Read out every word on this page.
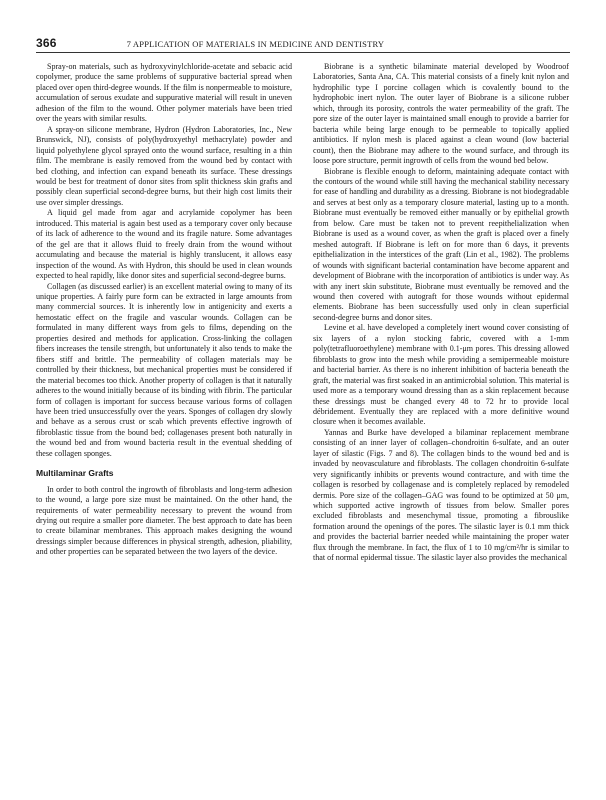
366	7 APPLICATION OF MATERIALS IN MEDICINE AND DENTISTRY

Spray-on materials, such as hydroxyvinylchloride-acetate and sebacic acid copolymer, produce the same problems of suppurative bacterial spread when placed over open third-degree wounds. If the film is nonpermeable to moisture, accumulation of serous exudate and suppurative material will result in uneven adhesion of the film to the wound. Other polymer materials have been tried over the years with similar results.

A spray-on silicone membrane, Hydron (Hydron Laboratories, Inc., New Brunswick, NJ), consists of poly(hydroxyethyl methacrylate) powder and liquid polyethylene glycol sprayed onto the wound surface, resulting in a thin film. The membrane is easily removed from the wound bed by contact with bed clothing, and infection can expand beneath its surface. These dressings would be best for treatment of donor sites from split thickness skin grafts and possibly clean superficial second-degree burns, but their high cost limits their use over simpler dressings.

A liquid gel made from agar and acrylamide copolymer has been introduced. This material is again best used as a temporary cover only because of its lack of adherence to the wound and its fragile nature. Some advantages of the gel are that it allows fluid to freely drain from the wound without accumulating and because the material is highly translucent, it allows easy inspection of the wound. As with Hydron, this should be used in clean wounds expected to heal rapidly, like donor sites and superficial second-degree burns.

Collagen (as discussed earlier) is an excellent material owing to many of its unique properties. A fairly pure form can be extracted in large amounts from many commercial sources. It is inherently low in antigenicity and exerts a hemostatic effect on the fragile and vascular wounds. Collagen can be formulated in many different ways from gels to films, depending on the properties desired and methods for application. Cross-linking the collagen fibers increases the tensile strength, but unfortunately it also tends to make the fibers stiff and brittle. The permeability of collagen materials may be controlled by their thickness, but mechanical properties must be considered if the material becomes too thick. Another property of collagen is that it naturally adheres to the wound initially because of its binding with fibrin. The particular form of collagen is important for success because various forms of collagen have been tried unsuccessfully over the years. Sponges of collagen dry slowly and behave as a serous crust or scab which prevents effective ingrowth of fibroblastic tissue from the bound bed; collagenases present both naturally in the wound bed and from wound bacteria result in the eventual shedding of these collagen sponges.

Multilaminar Grafts

In order to both control the ingrowth of fibroblasts and long-term adhesion to the wound, a large pore size must be maintained. On the other hand, the requirements of water permeability necessary to prevent the wound from drying out require a smaller pore diameter. The best approach to date has been to create bilaminar membranes. This approach makes designing the wound dressings simpler because differences in physical strength, adhesion, pliability, and other properties can be separated between the two layers of the device.

Biobrane is a synthetic bilaminate material developed by Woodroof Laboratories, Santa Ana, CA. This material consists of a finely knit nylon and hydrophilic type I porcine collagen which is covalently bound to the hydrophobic inert nylon. The outer layer of Biobrane is a silicone rubber which, through its porosity, controls the water permeability of the graft. The pore size of the outer layer is maintained small enough to provide a barrier for bacteria while being large enough to be permeable to topically applied antibiotics. If nylon mesh is placed against a clean wound (low bacterial count), then the Biobrane may adhere to the wound surface, and through its loose pore structure, permit ingrowth of cells from the wound bed below.

Biobrane is flexible enough to deform, maintaining adequate contact with the contours of the wound while still having the mechanical stability necessary for ease of handling and durability as a dressing. Biobrane is not biodegradable and serves at best only as a temporary closure material, lasting up to a month. Biobrane must eventually be removed either manually or by epithelial growth from below. Care must be taken not to prevent reepithelialization when Biobrane is used as a wound cover, as when the graft is placed over a finely meshed autograft. If Biobrane is left on for more than 6 days, it prevents epithelialization in the interstices of the graft (Lin et al., 1982). The problems of wounds with significant bacterial contamination have become apparent and development of Biobrane with the incorporation of antibiotics is under way. As with any inert skin substitute, Biobrane must eventually be removed and the wound then covered with autograft for those wounds without epidermal elements. Biobrane has been successfully used only in clean superficial second-degree burns and donor sites.

Levine et al. have developed a completely inert wound cover consisting of six layers of a nylon stocking fabric, covered with a 1-mm poly(tetrafluoroethylene) membrane with 0.1-μm pores. This dressing allowed fibroblasts to grow into the mesh while providing a semipermeable moisture and bacterial barrier. As there is no inherent inhibition of bacteria beneath the graft, the material was first soaked in an antimicrobial solution. This material is used more as a temporary wound dressing than as a skin replacement because these dressings must be changed every 48 to 72 hr to provide local débridement. Eventually they are replaced with a more definitive wound closure when it becomes available.

Yannas and Burke have developed a bilaminar replacement membrane consisting of an inner layer of collagen–chondroitin 6-sulfate, and an outer layer of silastic (Figs. 7 and 8). The collagen binds to the wound bed and is invaded by neovasculature and fibroblasts. The collagen chondroitin 6-sulfate very significantly inhibits or prevents wound contracture, and with time the collagen is resorbed by collagenase and is completely replaced by remodeled dermis. Pore size of the collagen–GAG was found to be optimized at 50 μm, which supported active ingrowth of tissues from below. Smaller pores excluded fibroblasts and mesenchymal tissue, promoting a fibrouslike formation around the openings of the pores. The silastic layer is 0.1 mm thick and provides the bacterial barrier needed while maintaining the proper water flux through the membrane. In fact, the flux of 1 to 10 mg/cm²/hr is similar to that of normal epidermal tissue. The silastic layer also provides the mechanical
